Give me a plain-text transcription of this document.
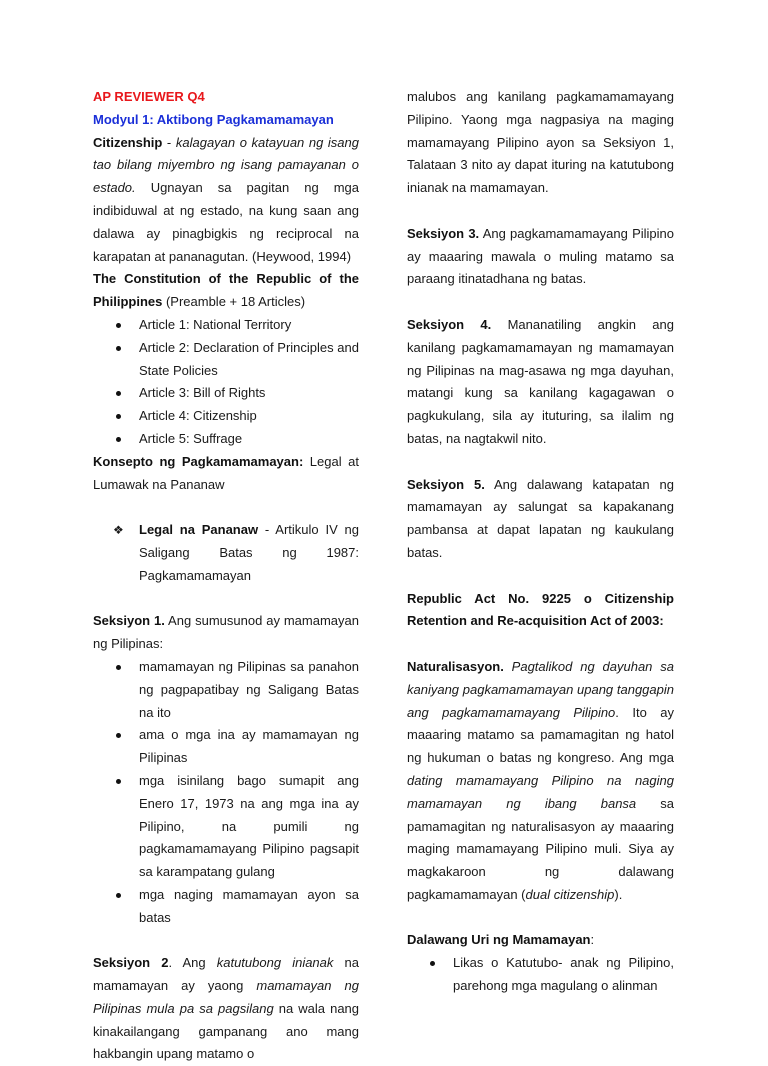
AP REVIEWER Q4

Modyul 1: Aktibong Pagkamamamayan

Citizenship - kalagayan o katayuan ng isang tao bilang miyembro ng isang pamayanan o estado. Ugnayan sa pagitan ng mga indibiduwal at ng estado, na kung saan ang dalawa ay pinagbigkis ng reciprocal na karapatan at pananagutan. (Heywood, 1994)

The Constitution of the Republic of the Philippines (Preamble + 18 Articles)

Article 1: National Territory
Article 2: Declaration of Principles and State Policies
Article 3: Bill of Rights
Article 4: Citizenship
Article 5: Suffrage

Konsepto ng Pagkamamamayan: Legal at Lumawak na Pananaw

❖ Legal na Pananaw - Artikulo IV ng Saligang Batas ng 1987: Pagkamamamayan

Seksiyon 1. Ang sumusunod ay mamamayan ng Pilipinas:

mamamayan ng Pilipinas sa panahon ng pagpapatibay ng Saligang Batas na ito
ama o mga ina ay mamamayan ng Pilipinas
mga isinilang bago sumapit ang Enero 17, 1973 na ang mga ina ay Pilipino, na pumili ng pagkamamamayang Pilipino pagsapit sa karampatang gulang
mga naging mamamayan ayon sa batas

Seksiyon 2. Ang katutubong inianak na mamamayan ay yaong mamamayan ng Pilipinas mula pa sa pagsilang na wala nang kinakailangang gampanang ano mang hakbangin upang matamo o

malubos ang kanilang pagkamamamayang Pilipino. Yaong mga nagpasiya na maging mamamayang Pilipino ayon sa Seksiyon 1, Talataan 3 nito ay dapat ituring na katutubong inianak na mamamayan.

Seksiyon 3. Ang pagkamamamayang Pilipino ay maaaring mawala o muling matamo sa paraang itinatadhana ng batas.

Seksiyon 4. Mananatiling angkin ang kanilang pagkamamamayan ng mamamayan ng Pilipinas na mag-asawa ng mga dayuhan, matangi kung sa kanilang kagagawan o pagkukulang, sila ay ituturing, sa ilalim ng batas, na nagtakwil nito.

Seksiyon 5. Ang dalawang katapatan ng mamamayan ay salungat sa kapakanang pambansa at dapat lapatan ng kaukulang batas.

Republic Act No. 9225 o Citizenship Retention and Re-acquisition Act of 2003:

Naturalisasyon. Pagtalikod ng dayuhan sa kaniyang pagkamamamayan upang tanggapin ang pagkamamamayang Pilipino. Ito ay maaaring matamo sa pamamagitan ng hatol ng hukuman o batas ng kongreso. Ang mga dating mamamayang Pilipino na naging mamamayan ng ibang bansa sa pamamagitan ng naturalisasyon ay maaaring maging mamamayang Pilipino muli. Siya ay magkakaroon ng dalawang pagkamamamayan (dual citizenship).

Dalawang Uri ng Mamamayan:

Likas o Katutubo- anak ng Pilipino, parehong mga magulang o alinman
